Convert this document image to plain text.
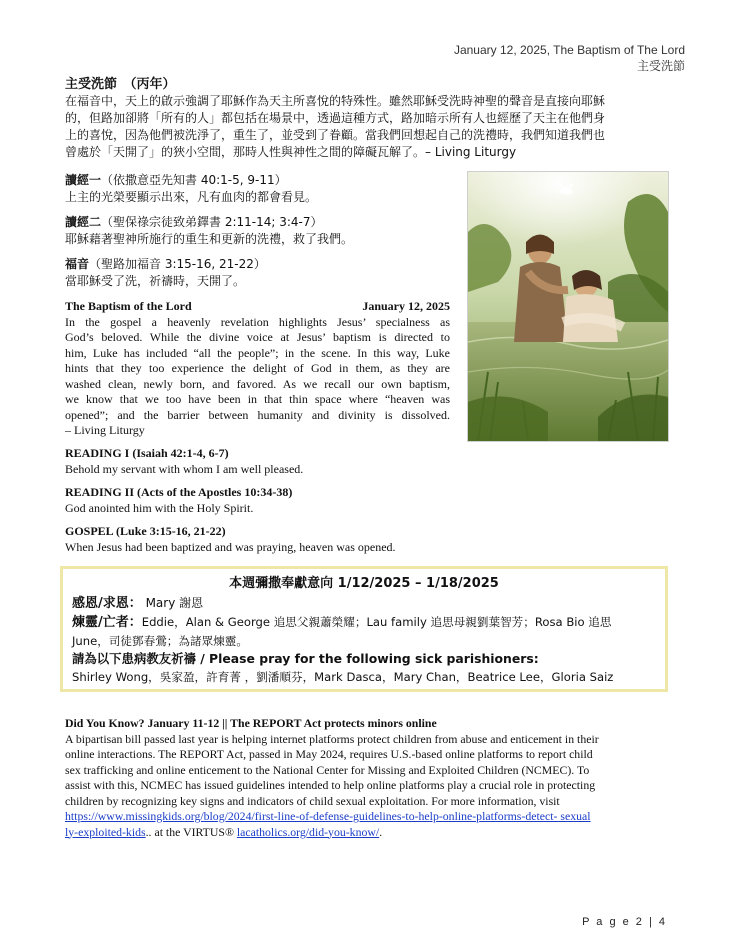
January 12, 2025, The Baptism of The Lord
主受洗節
主受洗節　（丙年）
在福音中，天上的啟示強調了耶穌作為天主所喜悅的特殊性。雖然耶穌受洗時神聖的聲音是直接向耶穌
的，但路加卻將「所有的人」都包括在場景中，透過這種方式，路加暗示所有人也經歷了天主在他們身
上的喜悅，因為他們被洗淨了，重生了，並受到了眷顧。當我們回想起自己的洗禮時，我們知道我們也
曾處於「天開了」的狹小空間，那時人性與神性之間的障礙瓦解了。– Living Liturgy
讀經一（依撒意亞先知書 40:1-5, 9-11）
上主的光榮要顯示出來，凡有血肉的都會看見。
讀經二（聖保祿宗徒致弟鐸書 2:11-14; 3:4-7）
耶穌藉著聖神所施行的重生和更新的洗禮，救了我們。
福音（聖路加福音 3:15-16, 21-22）
當耶穌受了洗，祈禱時，天開了。
The Baptism of the Lord	January 12, 2025
In the gospel a heavenly revelation highlights Jesus’ specialness as
God’s beloved. While the divine voice at Jesus’ baptism is directed to
him, Luke has included “all the people”; in the scene. In this way, Luke
hints that they too experience the delight of God in them, as they are
washed clean, newly born, and favored. As we recall our own baptism,
we know that we too have been in that thin space where “heaven was
opened”; and the barrier between humanity and divinity is dissolved.
– Living Liturgy
READING I (Isaiah 42:1-4, 6-7)
Behold my servant with whom I am well pleased.
READING II (Acts of the Apostles 10:34-38)
God anointed him with the Holy Spirit.
GOSPEL (Luke 3:15-16, 21-22)
When Jesus had been baptized and was praying, heaven was opened.
本週彌撒奉獻意向 1/12/2025 – 1/18/2025
感恩/求恩： Mary 謝恩
煉靈/亡者：Eddie，Alan & George 追思父親蕭榮耀；Lau family 追思母親劉葉智芳；Rosa Bio 追思
June，司徒鄧春鶯；為諸眾煉靈。
請為以下患病教友祈禱 / Please pray for the following sick parishioners:
Shirley Wong，吳家盈，許育菁 ，劉潘順芬，Mark Dasca，Mary Chan，Beatrice Lee，Gloria Saiz
Did You Know? January 11-12 || The REPORT Act protects minors online
A bipartisan bill passed last year is helping internet platforms protect children from abuse and enticement in their
online interactions. The REPORT Act, passed in May 2024, requires U.S.-based online platforms to report child
sex trafficking and online enticement to the National Center for Missing and Exploited Children (NCMEC). To
assist with this, NCMEC has issued guidelines intended to help online platforms play a crucial role in protecting
children by recognizing key signs and indicators of child sexual exploitation. For more information, visit
https://www.missingkids.org/blog/2024/first-line-of-defense-guidelines-to-help-online-platforms-detect- sexual
ly-exploited-kids.. at the VIRTUS® lacatholics.org/did-you-know/.
P a g e 2 | 4
